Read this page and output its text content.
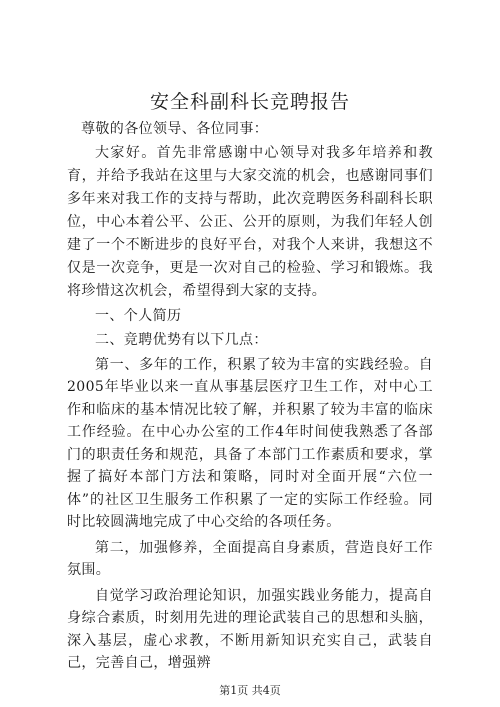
安全科副科长竞聘报告

尊敬的各位领导、各位同事：

大家好。首先非常感谢中心领导对我多年培养和教育，并给予我站在这里与大家交流的机会，也感谢同事们多年来对我工作的支持与帮助，此次竞聘医务科副科长职位，中心本着公平、公正、公开的原则，为我们年轻人创建了一个不断进步的良好平台，对我个人来讲，我想这不仅是一次竞争，更是一次对自己的检验、学习和锻炼。我将珍惜这次机会，希望得到大家的支持。

一、个人简历

二、竞聘优势有以下几点：

第一、多年的工作，积累了较为丰富的实践经验。自2005年毕业以来一直从事基层医疗卫生工作，对中心工作和临床的基本情况比较了解，并积累了较为丰富的临床工作经验。在中心办公室的工作4年时间使我熟悉了各部门的职责任务和规范，具备了本部门工作素质和要求，掌握了搞好本部门方法和策略，同时对全面开展“六位一体”的社区卫生服务工作积累了一定的实际工作经验。同时比较圆满地完成了中心交给的各项任务。

第二，加强修养，全面提高自身素质，营造良好工作氛围。

自觉学习政治理论知识，加强实践业务能力，提高自身综合素质，时刻用先进的理论武装自己的思想和头脑，深入基层，虚心求教，不断用新知识充实自己，武装自己，完善自己，增强辨

第1页 共4页
